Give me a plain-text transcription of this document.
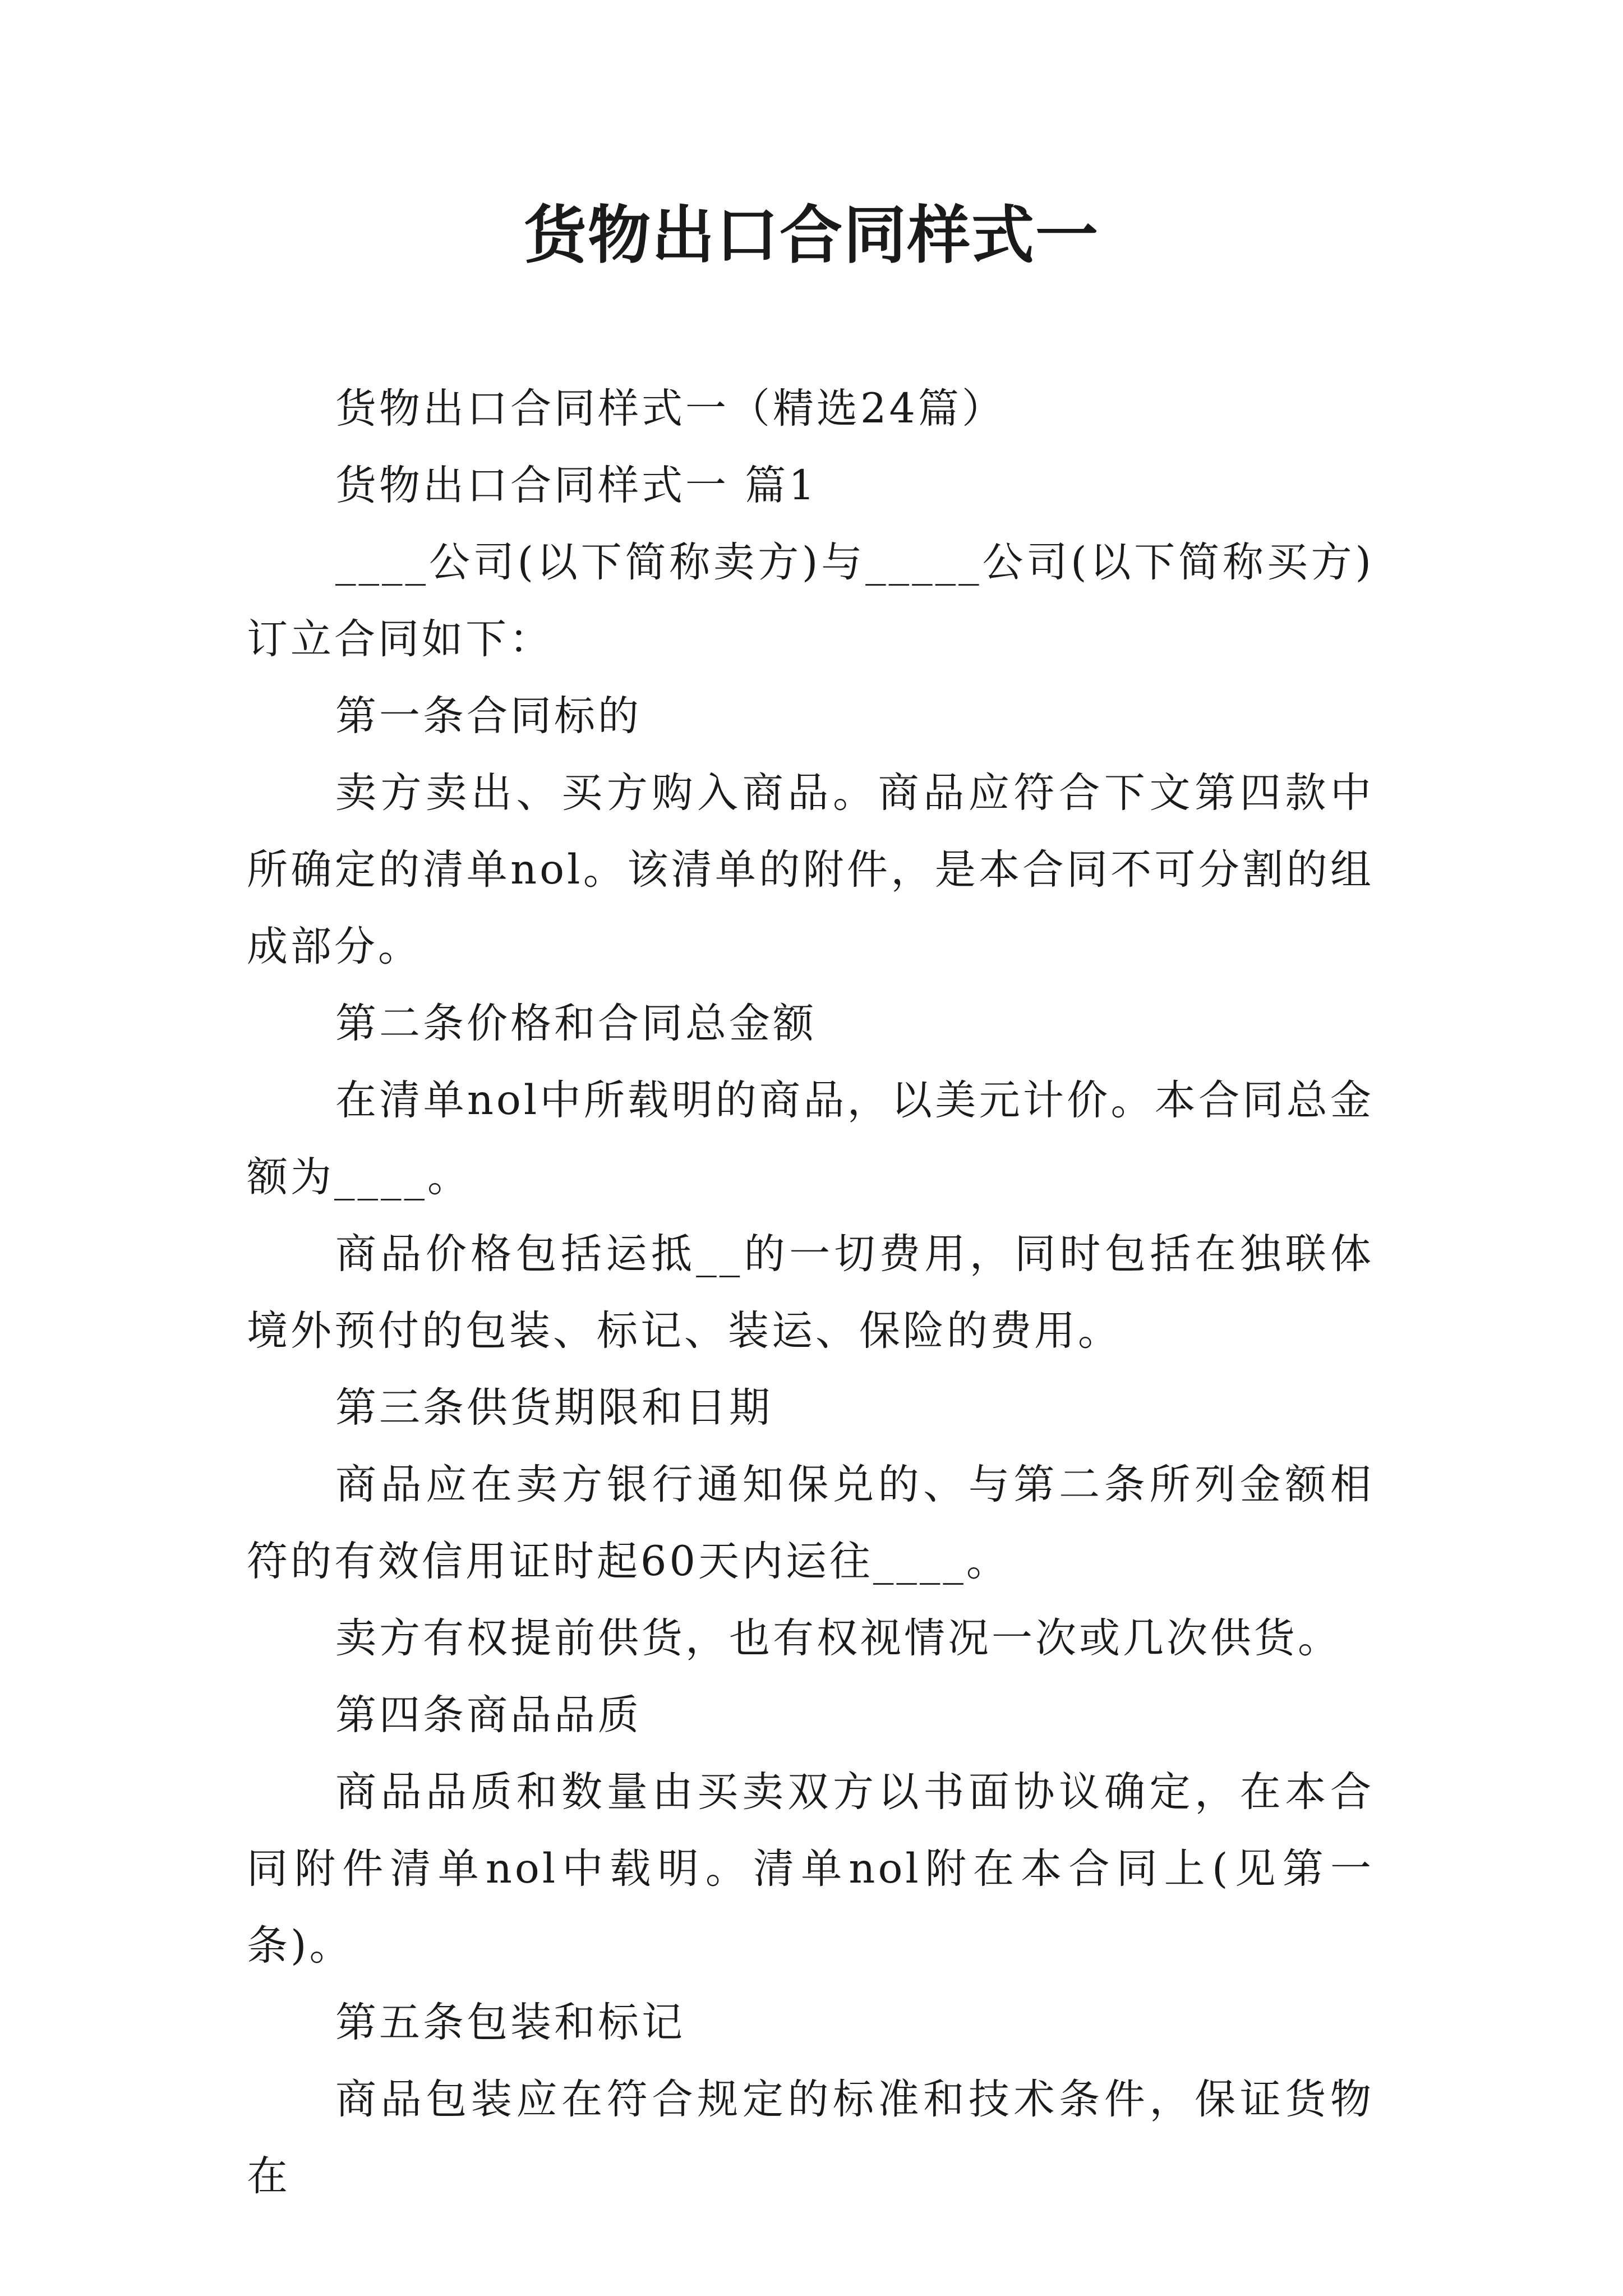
货物出口合同样式一

货物出口合同样式一（精选24篇）

货物出口合同样式一 篇1

____公司(以下简称卖方)与_____公司(以下简称买方)订立合同如下：

第一条合同标的

卖方卖出、买方购入商品。商品应符合下文第四款中所确定的清单nol。该清单的附件，是本合同不可分割的组成部分。

第二条价格和合同总金额

在清单nol中所载明的商品，以美元计价。本合同总金额为____。

商品价格包括运抵__的一切费用，同时包括在独联体境外预付的包装、标记、装运、保险的费用。

第三条供货期限和日期

商品应在卖方银行通知保兑的、与第二条所列金额相符的有效信用证时起60天内运往____。

卖方有权提前供货，也有权视情况一次或几次供货。

第四条商品品质

商品品质和数量由买卖双方以书面协议确定，在本合同附件清单nol中载明。清单nol附在本合同上(见第一条)。

第五条包装和标记

商品包装应在符合规定的标准和技术条件，保证货物在
